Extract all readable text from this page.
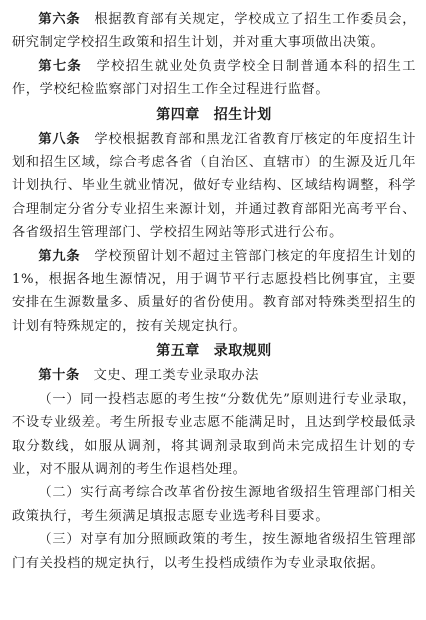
第六条　 根据教育部有关规定，学校成立了招生工作委员会，研究制定学校招生政策和招生计划，并对重大事项做出决策。

第七条　 学校招生就业处负责学校全日制普通本科的招生工作，学校纪检监察部门对招生工作全过程进行监督。

第四章 招生计划

第八条　 学校根据教育部和黑龙江省教育厅核定的年度招生计划和招生区域，综合考虑各省（自治区、直辖市）的生源及近几年计划执行、毕业生就业情况，做好专业结构、区域结构调整，科学合理制定分省分专业招生来源计划，并通过教育部阳光高考平台、各省级招生管理部门、学校招生网站等形式进行公布。

第九条　 学校预留计划不超过主管部门核定的年度招生计划的1%，根据各地生源情况，用于调节平行志愿投档比例事宜，主要安排在生源数量多、质量好的省份使用。教育部对特殊类型招生的计划有特殊规定的，按有关规定执行。

第五章 录取规则

第十条　 文史、理工类专业录取办法

（一）同一投档志愿的考生按“分数优先”原则进行专业录取，不设专业级差。考生所报专业志愿不能满足时，且达到学校最低录取分数线，如服从调剂，将其调剂录取到尚未完成招生计划的专业，对不服从调剂的考生作退档处理。

（二）实行高考综合改革省份按生源地省级招生管理部门相关政策执行，考生须满足填报志愿专业选考科目要求。

（三）对享有加分照顾政策的考生，按生源地省级招生管理部门有关投档的规定执行，以考生投档成绩作为专业录取依据。
